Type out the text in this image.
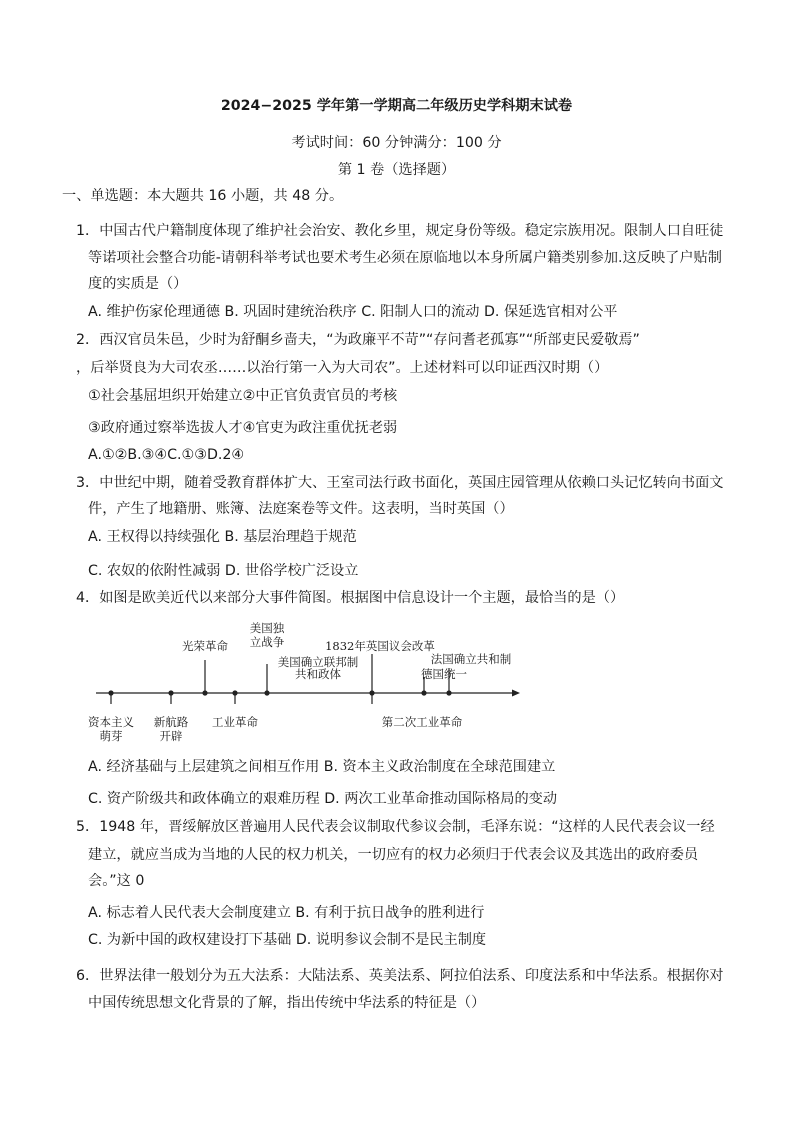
2024−2025 学年第一学期高二年级历史学科期末试卷
考试时间：60 分钟满分：100 分
第 1 卷（选择题）
一、单选题：本大题共 16 小题，共 48 分。
1．中国古代户籍制度体现了维护社会治安、教化乡里，规定身份等级。稳定宗族用况。限制人口自旺徒
等诺项社会整合功能-请朝科举考试也要术考生必须在原临地以本身所属户籍类别参加.这反映了户贴制
度的实质是（）
A. 维护伤家伦理通德 B. 巩固时建统治秩序 C. 阳制人口的流动 D. 保延选官相对公平
2．西汉官员朱邑，少时为舒酮乡啬夫，“为政廉平不苛”“存问耆老孤寡”“所部吏民爱敬焉”
，后举贤良为大司农丞……以治行第一入为大司农”。上述材料可以印证西汉时期（）
①社会基屈坦织开始建立②中正官负责官员的考核
③政府通过察举选拔人才④官吏为政注重优抚老弱
A.①②B.③④C.①③D.2④
3．中世纪中期，随着受教育群体扩大、王室司法行政书面化，英国庄园管理从依赖口头记忆转向书面文
件，产生了地籍册、账簿、法庭案卷等文件。这表明，当时英国（）
A. 王权得以持续强化 B. 基层治理趋于规范
C. 农奴的依附性减弱 D. 世俗学校广泛设立
4．如图是欧美近代以来部分大事件简图。根据图中信息设计一个主题，最恰当的是（）
光荣革命
美国独
立战争
美国确立联邦制
共和政体
1832年英国议会改革
法国确立共和制
德国统一
资本主义
萌芽
新航路
开辟
工业革命	第二次工业革命
A. 经济基础与上层建筑之间相互作用 B. 资本主义政治制度在全球范围建立
C. 资产阶级共和政体确立的艰难历程 D. 两次工业革命推动国际格局的变动
5．1948 年，晋绥解放区普遍用人民代表会议制取代参议会制，毛泽东说：“这样的人民代表会议一经
建立，就应当成为当地的人民的权力机关，一切应有的权力必须归于代表会议及其选出的政府委员
会。”这 0
A. 标志着人民代表大会制度建立 B. 有利于抗日战争的胜利进行
C. 为新中国的政权建设打下基础 D. 说明参议会制不是民主制度
6．世界法律一般划分为五大法系：大陆法系、英美法系、阿拉伯法系、印度法系和中华法系。根据你对
中国传统思想文化背景的了解，指出传统中华法系的特征是（）
